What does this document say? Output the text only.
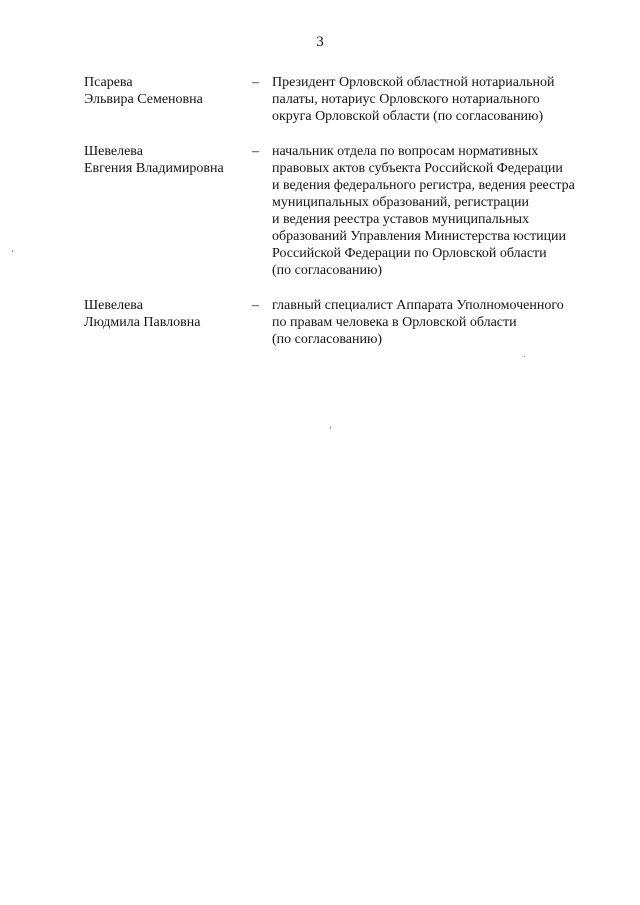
3
Псарева
Эльвира Семеновна
– Президент Орловской областной нотариальной
палаты, нотариус Орловского нотариального
округа Орловской области (по согласованию)
Шевелева
Евгения Владимировна
– начальник отдела по вопросам нормативных
правовых актов субъекта Российской Федерации
и ведения федерального регистра, ведения реестра
муниципальных образований, регистрации
и ведения реестра уставов муниципальных
образований Управления Министерства юстиции
Российской Федерации по Орловской области
(по согласованию)
Шевелева
Людмила Павловна
– главный специалист Аппарата Уполномоченного
по правам человека в Орловской области
(по согласованию)
